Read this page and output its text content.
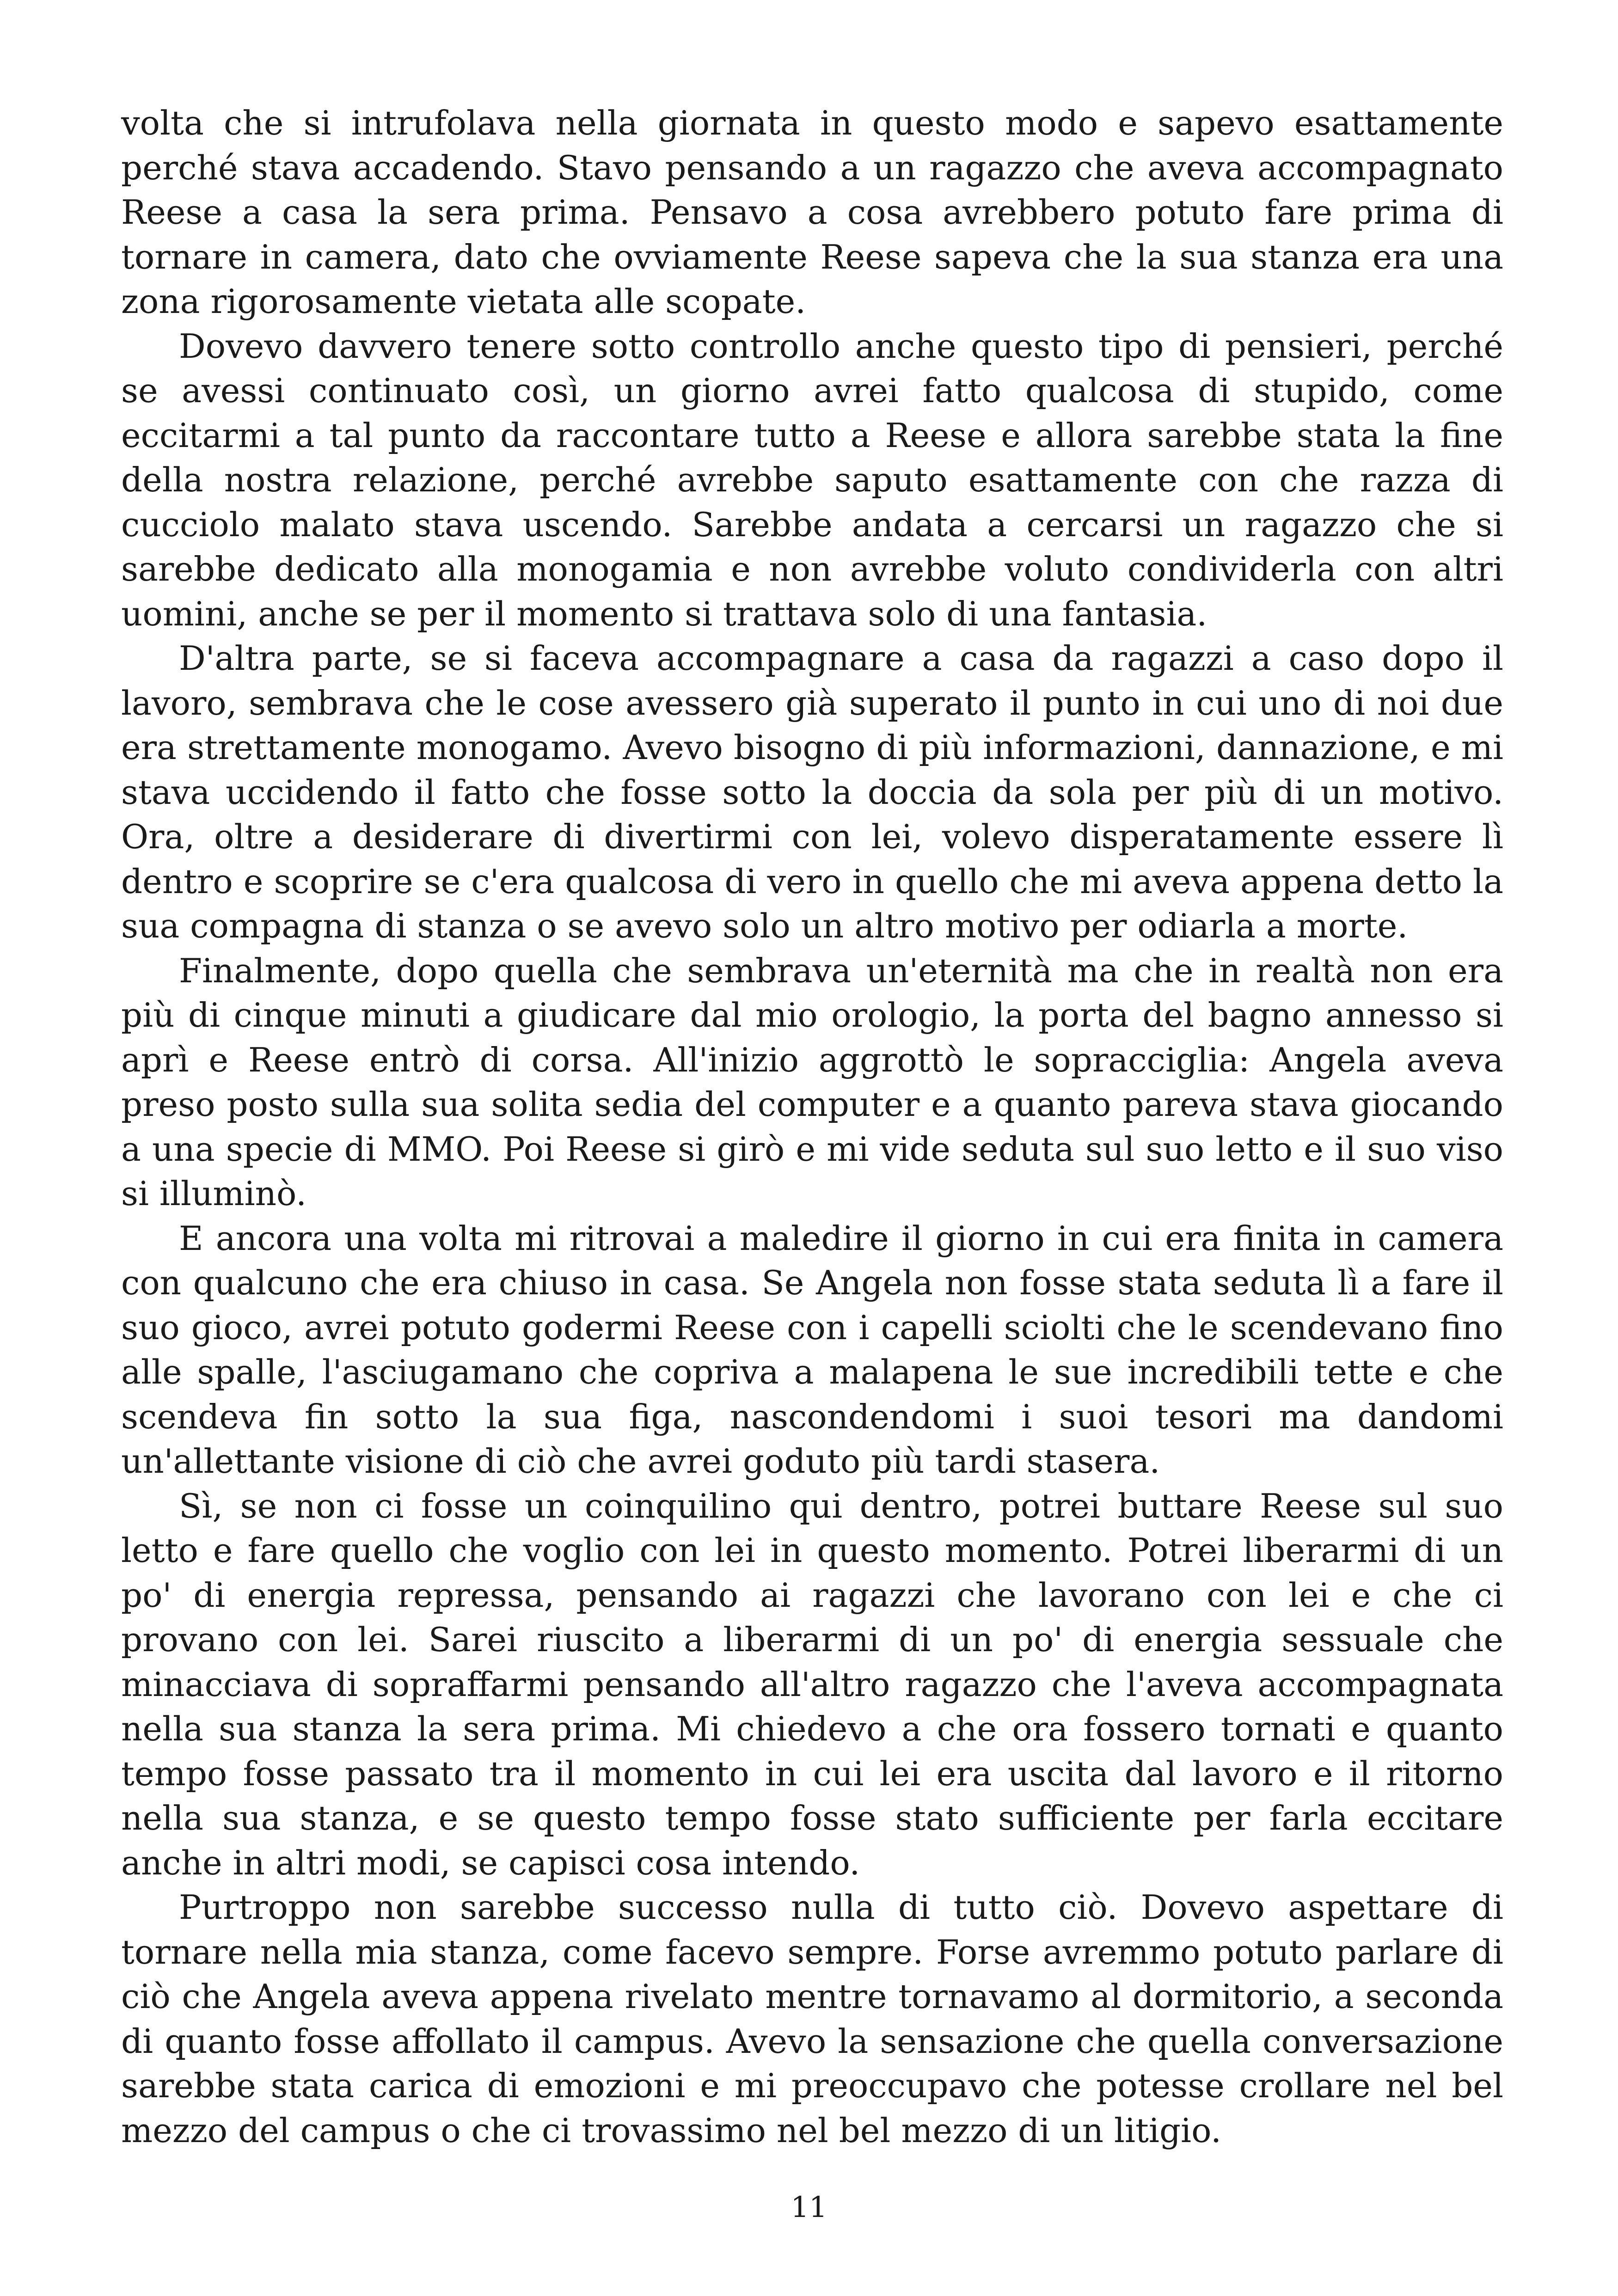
volta che si intrufolava nella giornata in questo modo e sapevo esattamente perché stava accadendo. Stavo pensando a un ragazzo che aveva accompagnato Reese a casa la sera prima. Pensavo a cosa avrebbero potuto fare prima di tornare in camera, dato che ovviamente Reese sapeva che la sua stanza era una zona rigorosamente vietata alle scopate.

Dovevo davvero tenere sotto controllo anche questo tipo di pensieri, perché se avessi continuato così, un giorno avrei fatto qualcosa di stupido, come eccitarmi a tal punto da raccontare tutto a Reese e allora sarebbe stata la fine della nostra relazione, perché avrebbe saputo esattamente con che razza di cucciolo malato stava uscendo. Sarebbe andata a cercarsi un ragazzo che si sarebbe dedicato alla monogamia e non avrebbe voluto condividerla con altri uomini, anche se per il momento si trattava solo di una fantasia.

D'altra parte, se si faceva accompagnare a casa da ragazzi a caso dopo il lavoro, sembrava che le cose avessero già superato il punto in cui uno di noi due era strettamente monogamo. Avevo bisogno di più informazioni, dannazione, e mi stava uccidendo il fatto che fosse sotto la doccia da sola per più di un motivo. Ora, oltre a desiderare di divertirmi con lei, volevo disperatamente essere lì dentro e scoprire se c'era qualcosa di vero in quello che mi aveva appena detto la sua compagna di stanza o se avevo solo un altro motivo per odiarla a morte.

Finalmente, dopo quella che sembrava un'eternità ma che in realtà non era più di cinque minuti a giudicare dal mio orologio, la porta del bagno annesso si aprì e Reese entrò di corsa. All'inizio aggrottò le sopracciglia: Angela aveva preso posto sulla sua solita sedia del computer e a quanto pareva stava giocando a una specie di MMO. Poi Reese si girò e mi vide seduta sul suo letto e il suo viso si illuminò.

E ancora una volta mi ritrovai a maledire il giorno in cui era finita in camera con qualcuno che era chiuso in casa. Se Angela non fosse stata seduta lì a fare il suo gioco, avrei potuto godermi Reese con i capelli sciolti che le scendevano fino alle spalle, l'asciugamano che copriva a malapena le sue incredibili tette e che scendeva fin sotto la sua figa, nascondendomi i suoi tesori ma dandomi un'allettante visione di ciò che avrei goduto più tardi stasera.

Sì, se non ci fosse un coinquilino qui dentro, potrei buttare Reese sul suo letto e fare quello che voglio con lei in questo momento. Potrei liberarmi di un po' di energia repressa, pensando ai ragazzi che lavorano con lei e che ci provano con lei. Sarei riuscito a liberarmi di un po' di energia sessuale che minacciava di sopraffarmi pensando all'altro ragazzo che l'aveva accompagnata nella sua stanza la sera prima. Mi chiedevo a che ora fossero tornati e quanto tempo fosse passato tra il momento in cui lei era uscita dal lavoro e il ritorno nella sua stanza, e se questo tempo fosse stato sufficiente per farla eccitare anche in altri modi, se capisci cosa intendo.

Purtroppo non sarebbe successo nulla di tutto ciò. Dovevo aspettare di tornare nella mia stanza, come facevo sempre. Forse avremmo potuto parlare di ciò che Angela aveva appena rivelato mentre tornavamo al dormitorio, a seconda di quanto fosse affollato il campus. Avevo la sensazione che quella conversazione sarebbe stata carica di emozioni e mi preoccupavo che potesse crollare nel bel mezzo del campus o che ci trovassimo nel bel mezzo di un litigio.

11
